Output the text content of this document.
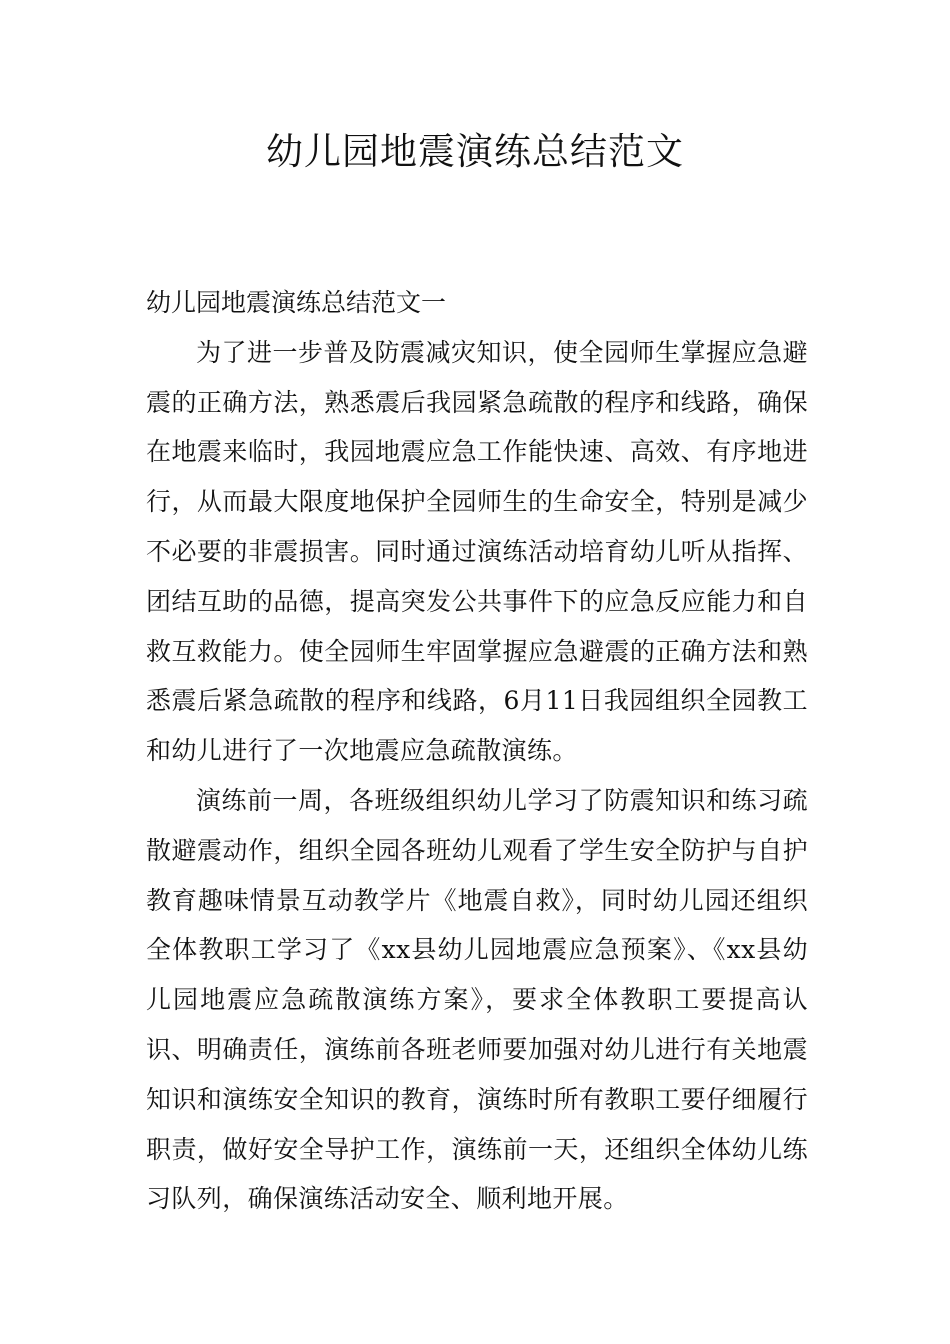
幼儿园地震演练总结范文

幼儿园地震演练总结范文一

为了进一步普及防震减灾知识，使全园师生掌握应急避震的正确方法，熟悉震后我园紧急疏散的程序和线路，确保在地震来临时，我园地震应急工作能快速、高效、有序地进行，从而最大限度地保护全园师生的生命安全，特别是减少不必要的非震损害。同时通过演练活动培育幼儿听从指挥、团结互助的品德，提高突发公共事件下的应急反应能力和自救互救能力。使全园师生牢固掌握应急避震的正确方法和熟悉震后紧急疏散的程序和线路，6月11日我园组织全园教工和幼儿进行了一次地震应急疏散演练。

演练前一周，各班级组织幼儿学习了防震知识和练习疏散避震动作，组织全园各班幼儿观看了学生安全防护与自护教育趣味情景互动教学片《地震自救》，同时幼儿园还组织全体教职工学习了《xx县幼儿园地震应急预案》、《xx县幼儿园地震应急疏散演练方案》，要求全体教职工要提高认识、明确责任，演练前各班老师要加强对幼儿进行有关地震知识和演练安全知识的教育，演练时所有教职工要仔细履行职责，做好安全导护工作，演练前一天，还组织全体幼儿练习队列，确保演练活动安全、顺利地开展。
